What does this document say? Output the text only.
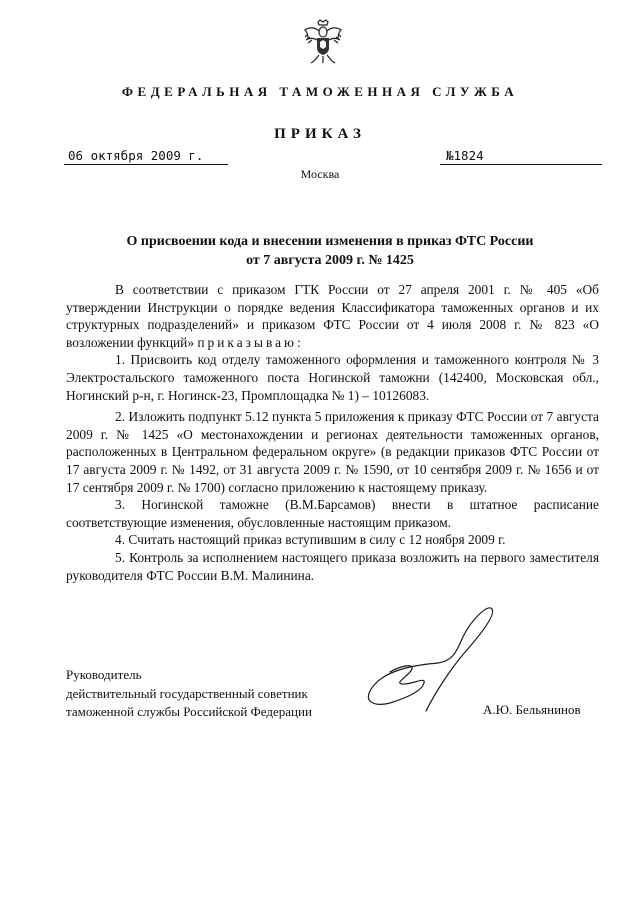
ФЕДЕРАЛЬНАЯ ТАМОЖЕННАЯ СЛУЖБА
ПРИКАЗ
06 октября 2009 г.	№1824
Москва
О присвоении кода и внесении изменения в приказ ФТС России
от 7 августа 2009 г. № 1425

В соответствии с приказом ГТК России от 27 апреля 2001 г. № 405 «Об утверждении Инструкции о порядке ведения Классификатора таможенных органов и их структурных подразделений» и приказом ФТС России от 4 июля 2008 г. № 823 «О возложении функций» приказываю:

1. Присвоить код отделу таможенного оформления и таможенного контроля № 3 Электростальского таможенного поста Ногинской таможни (142400, Московская обл., Ногинский р-н, г. Ногинск-23, Промплощадка № 1) – 10126083.

2. Изложить подпункт 5.12 пункта 5 приложения к приказу ФТС России от 7 августа 2009 г. № 1425 «О местонахождении и регионах деятельности таможенных органов, расположенных в Центральном федеральном округе» (в редакции приказов ФТС России от 17 августа 2009 г. № 1492, от 31 августа 2009 г. № 1590, от 10 сентября 2009 г. № 1656 и от 17 сентября 2009 г. № 1700) согласно приложению к настоящему приказу.

3. Ногинской таможне (В.М.Барсамов) внести в штатное расписание соответствующие изменения, обусловленные настоящим приказом.

4. Считать настоящий приказ вступившим в силу с 12 ноября 2009 г.

5. Контроль за исполнением настоящего приказа возложить на первого заместителя руководителя ФТС России В.М. Малинина.

Руководитель
действительный государственный советник
таможенной службы Российской Федерации	А.Ю. Бельянинов
